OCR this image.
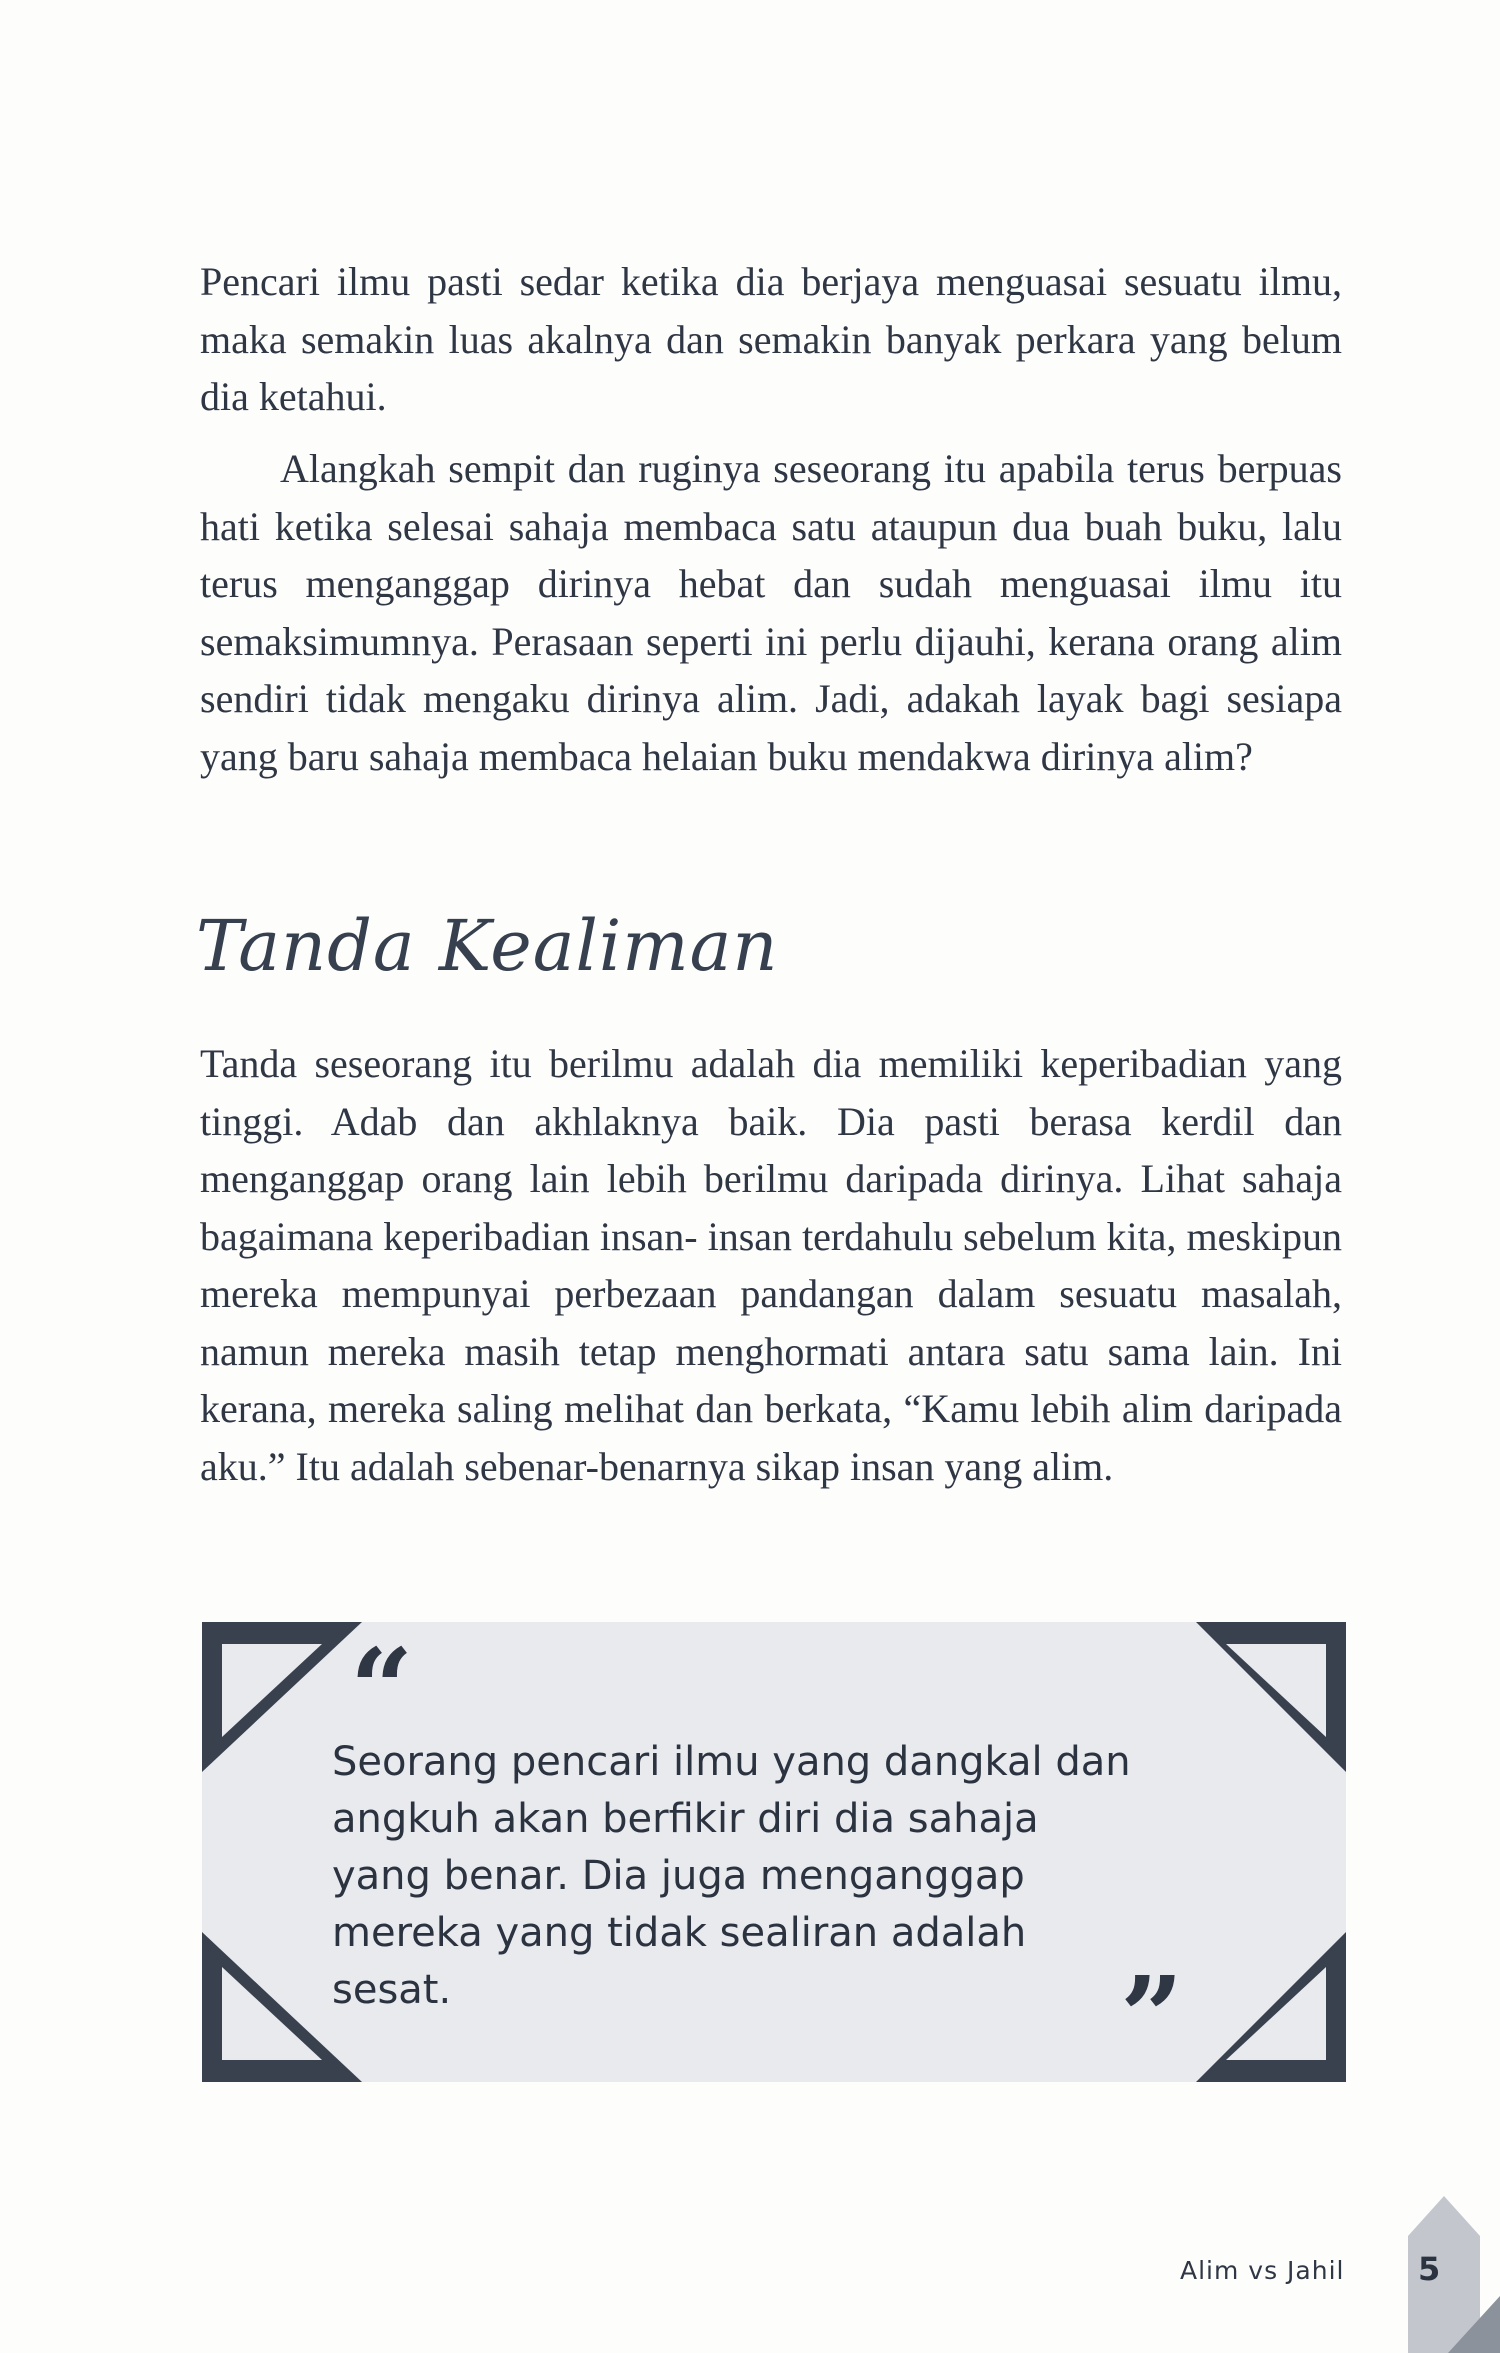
Pencari ilmu pasti sedar ketika dia berjaya menguasai sesuatu ilmu, maka semakin luas akalnya dan semakin banyak perkara yang belum dia ketahui.

Alangkah sempit dan ruginya seseorang itu apabila terus berpuas hati ketika selesai sahaja membaca satu ataupun dua buah buku, lalu terus menganggap dirinya hebat dan sudah menguasai ilmu itu semaksimumnya. Perasaan seperti ini perlu dijauhi, kerana orang alim sendiri tidak mengaku dirinya alim. Jadi, adakah layak bagi sesiapa yang baru sahaja membaca helaian buku mendakwa dirinya alim?

Tanda Kealiman

Tanda seseorang itu berilmu adalah dia memiliki keperibadian yang tinggi. Adab dan akhlaknya baik. Dia pasti berasa kerdil dan menganggap orang lain lebih berilmu daripada dirinya. Lihat sahaja bagaimana keperibadian insan- insan terdahulu sebelum kita, meskipun mereka mempunyai perbezaan pandangan dalam sesuatu masalah, namun mereka masih tetap menghormati antara satu sama lain. Ini kerana, mereka saling melihat dan berkata, “Kamu lebih alim daripada aku.” Itu adalah sebenar-benarnya sikap insan yang alim.

“

Seorang pencari ilmu yang dangkal dan angkuh akan berfikir diri dia sahaja yang benar. Dia juga menganggap mereka yang tidak sealiran adalah sesat.	”
Alim vs Jahil 5
